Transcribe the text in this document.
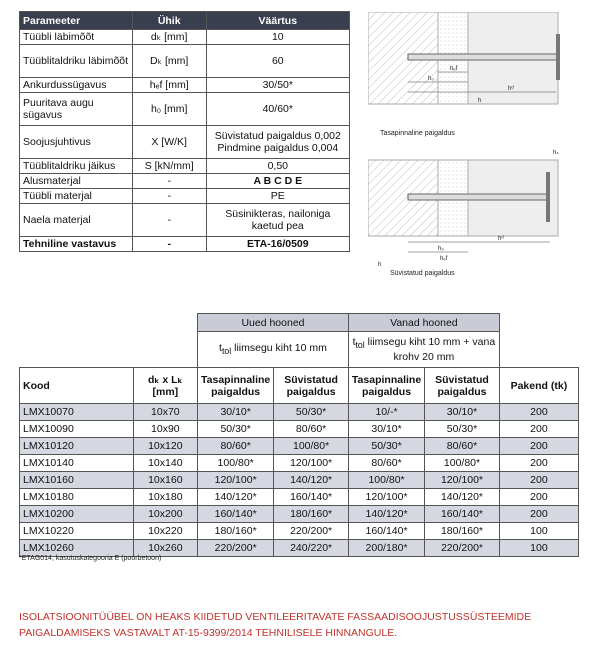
Parameeter	Ühik	Väärtus
Tüübli läbimõõt	dₖ [mm]	10
Tüüblitaldriku läbimõõt	Dₖ [mm]	60
Ankurdussügavus	hₑf [mm]	30/50*
Puuritava augu sügavus	h₀ [mm]	40/60*
Soojusjuhtivus	X [W/K]	Süvistatud paigaldus 0,002 Pindmine paigaldus 0,004
Tüüblitaldriku jäikus	S [kN/mm]	0,50
Alusmaterjal	-	A B C D E
Tüübli materjal	-	PE
Naela materjal	-	Süsinikteras, nailoniga kaetud pea
Tehniline vastavus	-	ETA-16/0509
hₑf
h₀
hᵈ
h
Tasapinnaline paigaldus
hₛ
h₀
hᵈ
hₑf
h
Süvistatud paigaldus
		Uued hooned		Vanad hooned		
		$t_{tol}$ liimsegu kiht 10 mm		$t_{tol}$ liimsegu kiht 10 mm + vana krohv 20 mm		
Kood	dₖ x Lₖ [mm]	Tasapinnaline paigaldus	Süvistatud paigaldus	Tasapinnaline paigaldus	Süvistatud paigaldus	Pakend (tk)
LMX10070	10x70	30/10*	50/30*	10/-*	30/10*	200
LMX10090	10x90	50/30*	80/60*	30/10*	50/30*	200
LMX10120	10x120	80/60*	100/80*	50/30*	80/60*	200
LMX10140	10x140	100/80*	120/100*	80/60*	100/80*	200
LMX10160	10x160	120/100*	140/120*	100/80*	120/100*	200
LMX10180	10x180	140/120*	160/140*	120/100*	140/120*	200
LMX10200	10x200	160/140*	180/160*	140/120*	160/140*	200
LMX10220	10x220	180/160*	220/200*	160/140*	180/160*	100
LMX10260	10x260	220/200*	240/220*	200/180*	220/200*	100
*ETAG014, kasutuskategooria E (poorbetoon)
ISOLATSIOONITÜÜBEL ON HEAKS KIIDETUD VENTILEERITAVATE FASSAADISOOJUSTUSSÜSTEEMIDE PAIGALDAMISEKS VASTAVALT AT-15-9399/2014 TEHNILISELE HINNANGULE.
